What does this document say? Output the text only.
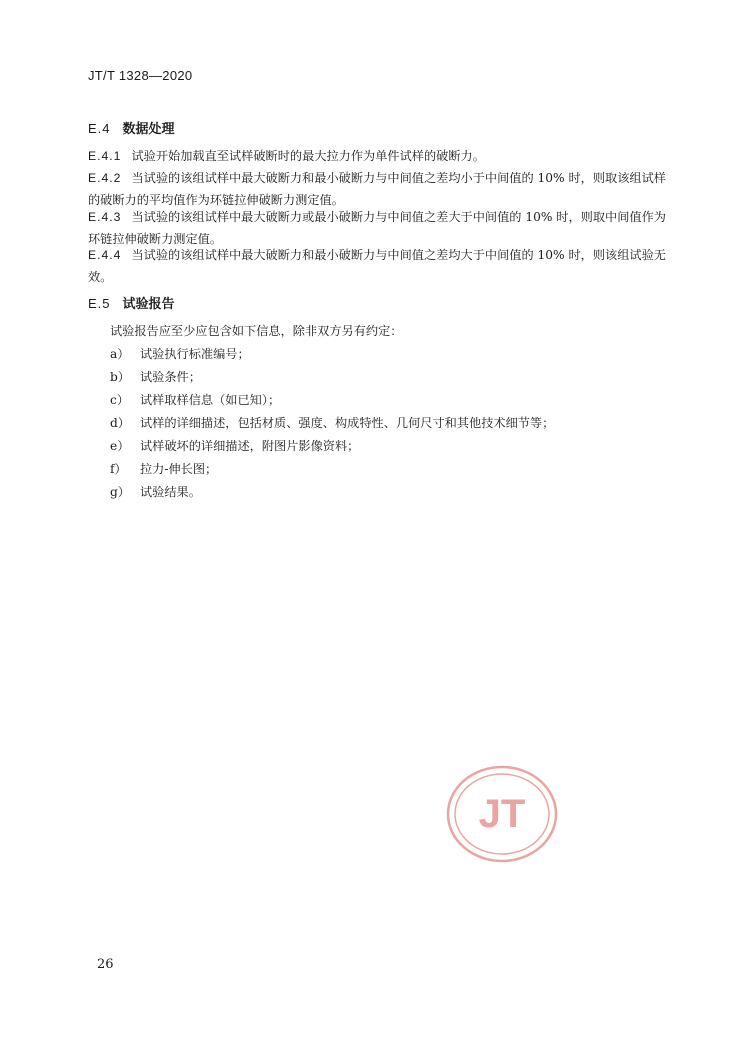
JT/T 1328—2020
E.4 数据处理
E.4.1 试验开始加载直至试样破断时的最大拉力作为单件试样的破断力。
E.4.2 当试验的该组试样中最大破断力和最小破断力与中间值之差均小于中间值的 10% 时，则取该组试样的破断力的平均值作为环链拉伸破断力测定值。
E.4.3 当试验的该组试样中最大破断力或最小破断力与中间值之差大于中间值的 10% 时，则取中间值作为环链拉伸破断力测定值。
E.4.4 当试验的该组试样中最大破断力和最小破断力与中间值之差均大于中间值的 10% 时，则该组试验无效。
E.5 试验报告
试验报告应至少应包含如下信息，除非双方另有约定：
a） 试验执行标准编号；
b） 试验条件；
c） 试样取样信息（如已知）；
d） 试样的详细描述，包括材质、强度、构成特性、几何尺寸和其他技术细节等；
e） 试样破坏的详细描述，附图片影像资料；
f） 拉力-伸长图；
g） 试验结果。
JT
26
